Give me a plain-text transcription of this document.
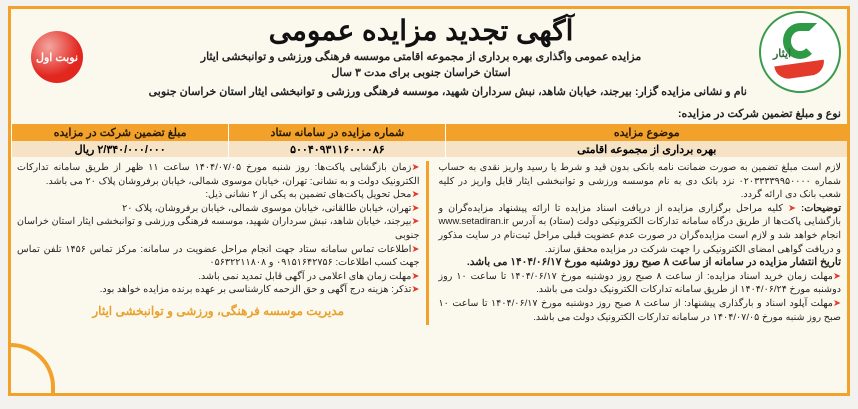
ایثار
نوبت اول
آگهی تجدید مزایده عمومی
مزایده عمومی واگذاری بهره برداری از مجموعه اقامتی موسسه فرهنگی ورزشی و توانبخشی ایثار
استان خراسان جنوبی برای مدت ۳ سال
نام و نشانی مزایده گزار: بیرجند، خیابان شاهد، نبش سرداران شهید، موسسه فرهنگی ورزشی و توانبخشی ایثار استان خراسان جنوبی
نوع و مبلغ تضمین شرکت در مزایده:
موضوع مزایده	شماره مزایده در سامانه ستاد	مبلغ تضمین شرکت در مزایده
بهره برداری از مجموعه اقامتی	۵۰۰۴۰۹۳۱۱۶۰۰۰۰۸۶	۲/۳۴۰/۰۰۰/۰۰۰ ریال

لازم است مبلغ تضمین به صورت ضمانت نامه بانکی بدون قید و شرط یا رسید واریز نقدی به حساب شماره ۰۲۰۳۳۳۳۹۹۵۰۰۰۰ نزد بانک دی به نام موسسه ورزشی و توانبخشی ایثار قابل واریز در کلیه شعب بانک دی ارائه گردد.

توضیحات: ➤ کلیه مراحل برگزاری مزایده از دریافت اسناد مزایده تا ارائه پیشنهاد مزایده‌گران و بازگشایی پاکت‌ها از طریق درگاه سامانه تدارکات الکترونیکی دولت (ستاد) به آدرس www.setadiran.ir انجام خواهد شد و لازم است مزایده‌گران در صورت عدم عضویت قبلی مراحل ثبت‌نام در سایت مذکور و دریافت گواهی امضای الکترونیکی را جهت شرکت در مزایده محقق سازند.

تاریخ انتشار مزایده در سامانه از ساعت ۸ صبح روز دوشنبه مورخ ۱۴۰۴/۰۶/۱۷ می باشد.

➤مهلت زمان خرید اسناد مزایده: از ساعت ۸ صبح روز دوشنبه مورخ ۱۴۰۴/۰۶/۱۷ تا ساعت ۱۰ روز دوشنبه مورخ ۱۴۰۴/۰۶/۲۴ از طریق سامانه تدارکات الکترونیک دولت می باشد.

➤مهلت آپلود اسناد و بارگذاری پیشنهاد: از ساعت ۸ صبح روز دوشنبه مورخ ۱۴۰۴/۰۶/۱۷ تا ساعت ۱۰ صبح روز شنبه مورخ ۱۴۰۴/۰۷/۰۵ در سامانه تدارکات الکترونیک دولت می باشد.

➤زمان بازگشایی پاکت‌ها: روز شنبه مورخ ۱۴۰۴/۰۷/۰۵ ساعت ۱۱ ظهر از طریق سامانه تدارکات الکترونیک دولت و به نشانی: تهران، خیابان موسوی شمالی، خیابان برفروشان پلاک ۲۰ می باشد.

➤محل تحویل پاکت‌های تضمین به یکی از ۲ نشانی ذیل:

➤تهران، خیابان طالقانی، خیابان موسوی شمالی، خیابان برفروشان، پلاک ۲۰

➤بیرجند، خیابان شاهد، نبش سرداران شهید، موسسه فرهنگی ورزشی و توانبخشی ایثار استان خراسان جنوبی

➤اطلاعات تماس سامانه ستاد جهت انجام مراحل عضویت در سامانه: مرکز تماس ۱۴۵۶ تلفن تماس جهت کسب اطلاعات: ۰۹۱۵۱۶۴۲۷۵۶ و ۰۵۶۳۲۲۱۱۸۰۸

➤مهلت زمان های اعلامی در آگهی قابل تمدید نمی باشد.

➤تذکر: هزینه درج آگهی و حق الزحمه کارشناسی بر عهده برنده مزایده خواهد بود.

مدیریت موسسه فرهنگی، ورزشی و توانبخشی ایثار
